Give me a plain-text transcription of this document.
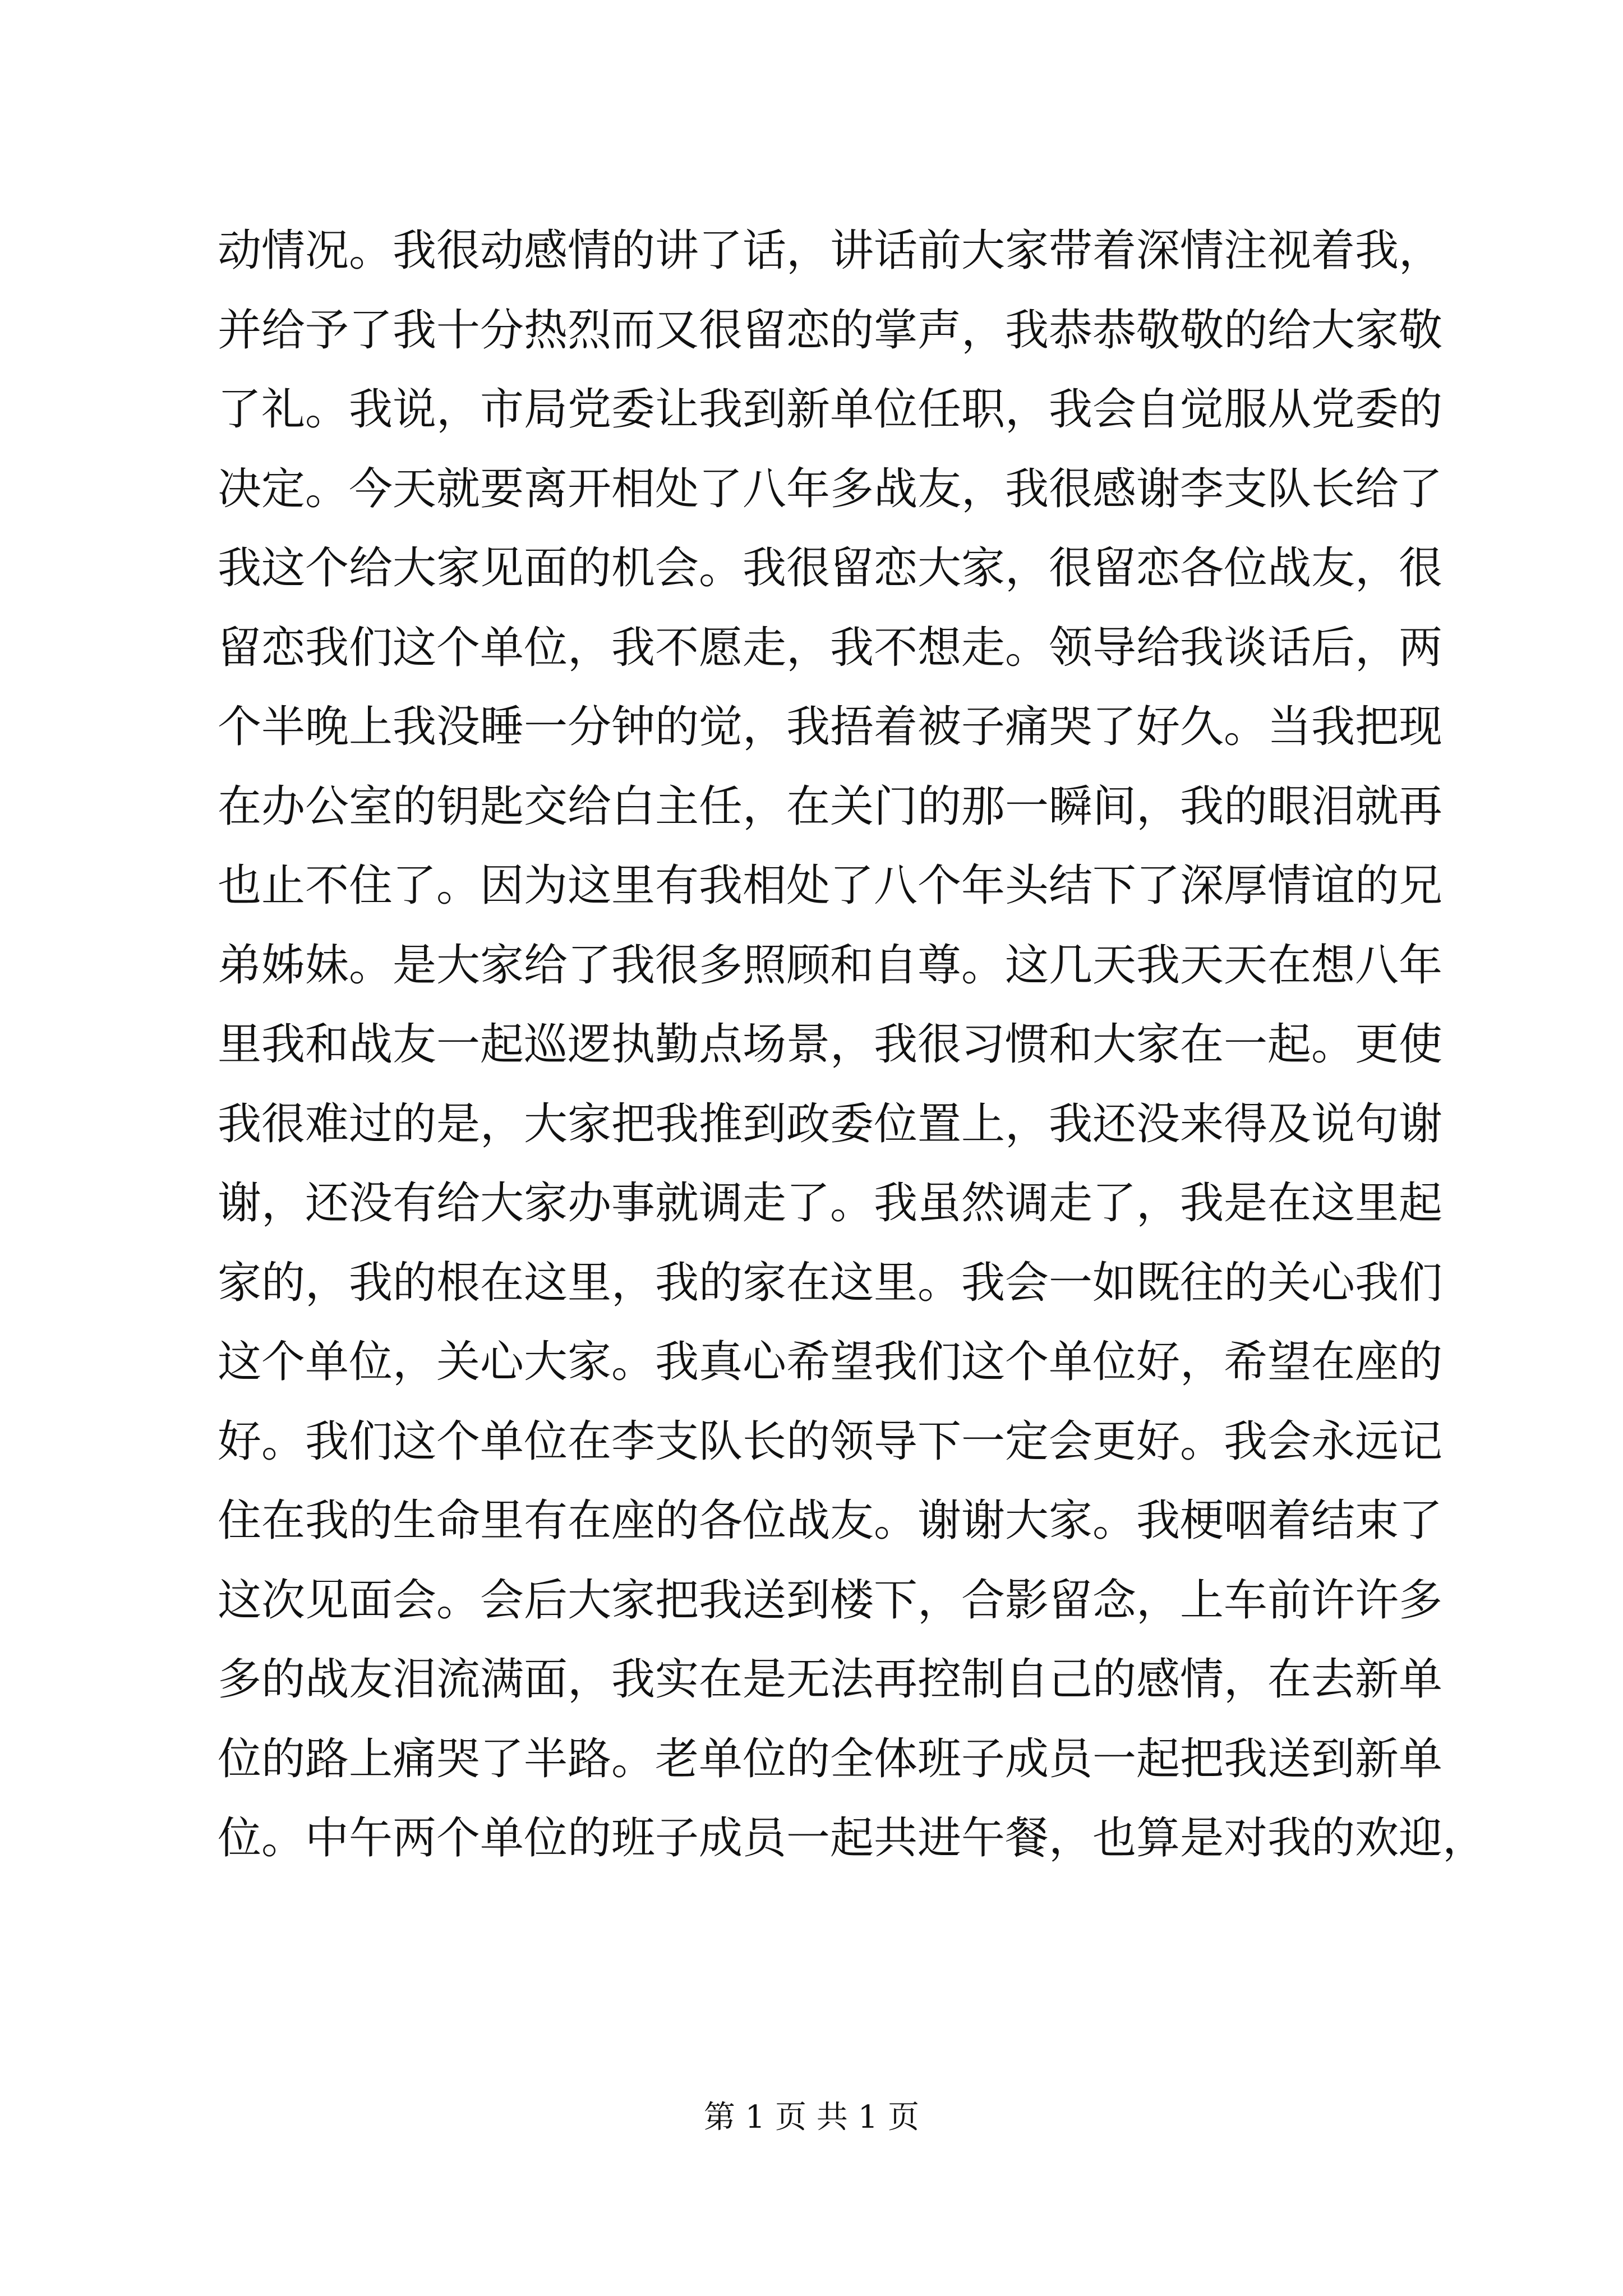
动情况。我很动感情的讲了话，讲话前大家带着深情注视着我，
并给予了我十分热烈而又很留恋的掌声，我恭恭敬敬的给大家敬
了礼。我说，市局党委让我到新单位任职，我会自觉服从党委的
决定。今天就要离开相处了八年多战友，我很感谢李支队长给了
我这个给大家见面的机会。我很留恋大家，很留恋各位战友，很
留恋我们这个单位，我不愿走，我不想走。领导给我谈话后，两
个半晚上我没睡一分钟的觉，我捂着被子痛哭了好久。当我把现
在办公室的钥匙交给白主任，在关门的那一瞬间，我的眼泪就再
也止不住了。因为这里有我相处了八个年头结下了深厚情谊的兄
弟姊妹。是大家给了我很多照顾和自尊。这几天我天天在想八年
里我和战友一起巡逻执勤点场景，我很习惯和大家在一起。更使
我很难过的是，大家把我推到政委位置上，我还没来得及说句谢
谢，还没有给大家办事就调走了。我虽然调走了，我是在这里起
家的，我的根在这里，我的家在这里。我会一如既往的关心我们
这个单位，关心大家。我真心希望我们这个单位好，希望在座的
好。我们这个单位在李支队长的领导下一定会更好。我会永远记
住在我的生命里有在座的各位战友。谢谢大家。我梗咽着结束了
这次见面会。会后大家把我送到楼下，合影留念，上车前许许多
多的战友泪流满面，我实在是无法再控制自己的感情，在去新单
位的路上痛哭了半路。老单位的全体班子成员一起把我送到新单
位。中午两个单位的班子成员一起共进午餐，也算是对我的欢迎，
第 1 页 共 1 页
